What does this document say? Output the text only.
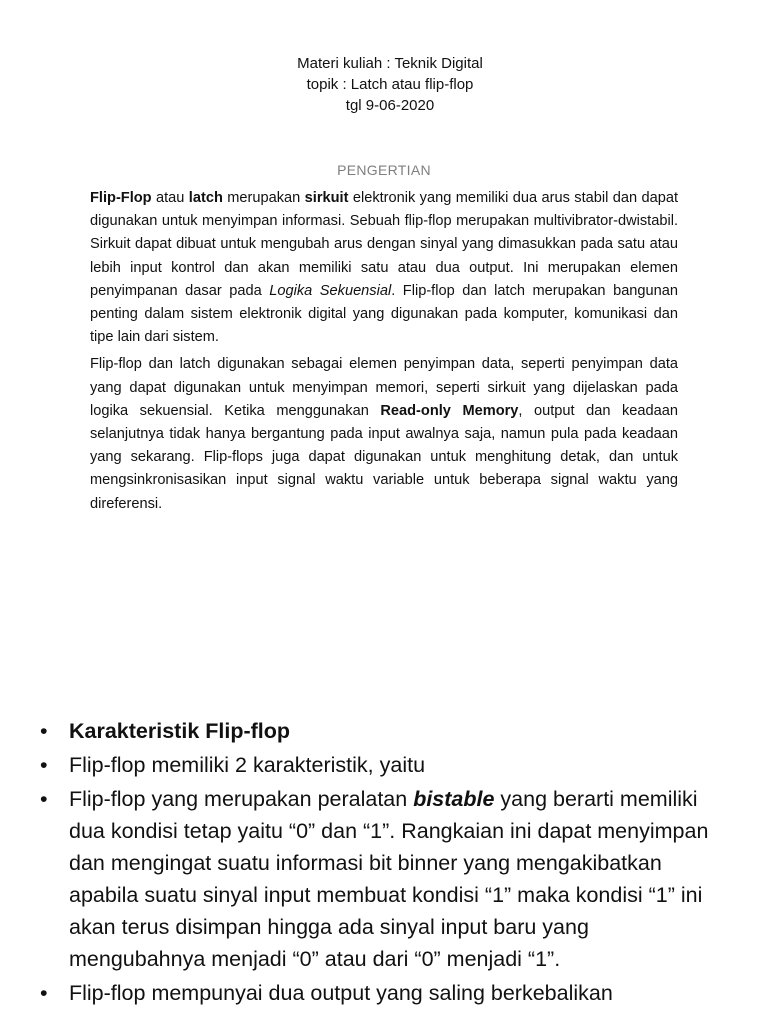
Materi kuliah : Teknik Digital
topik : Latch atau flip-flop
tgl 9-06-2020
PENGERTIAN

Flip-Flop atau latch merupakan sirkuit elektronik yang memiliki dua arus stabil dan dapat digunakan untuk menyimpan informasi. Sebuah flip-flop merupakan multivibrator-dwistabil. Sirkuit dapat dibuat untuk mengubah arus dengan sinyal yang dimasukkan pada satu atau lebih input kontrol dan akan memiliki satu atau dua output. Ini merupakan elemen penyimpanan dasar pada Logika Sekuensial. Flip-flop dan latch merupakan bangunan penting dalam sistem elektronik digital yang digunakan pada komputer, komunikasi dan tipe lain dari sistem.

Flip-flop dan latch digunakan sebagai elemen penyimpan data, seperti penyimpan data yang dapat digunakan untuk menyimpan memori, seperti sirkuit yang dijelaskan pada logika sekuensial. Ketika menggunakan Read-only Memory, output dan keadaan selanjutnya tidak hanya bergantung pada input awalnya saja, namun pula pada keadaan yang sekarang. Flip-flops juga dapat digunakan untuk menghitung detak, dan untuk mengsinkronisasikan input signal waktu variable untuk beberapa signal waktu yang direferensi.

• Karakteristik Flip-flop
• Flip-flop memiliki 2 karakteristik, yaitu
• Flip-flop yang merupakan peralatan bistable yang berarti memiliki dua kondisi tetap yaitu “0” dan “1”. Rangkaian ini dapat menyimpan dan mengingat suatu informasi bit binner yang mengakibatkan apabila suatu sinyal input membuat kondisi “1” maka kondisi “1” ini akan terus disimpan hingga ada sinyal input baru yang mengubahnya menjadi “0” atau dari “0” menjadi “1”.
• Flip-flop mempunyai dua output yang saling berkebalikan
